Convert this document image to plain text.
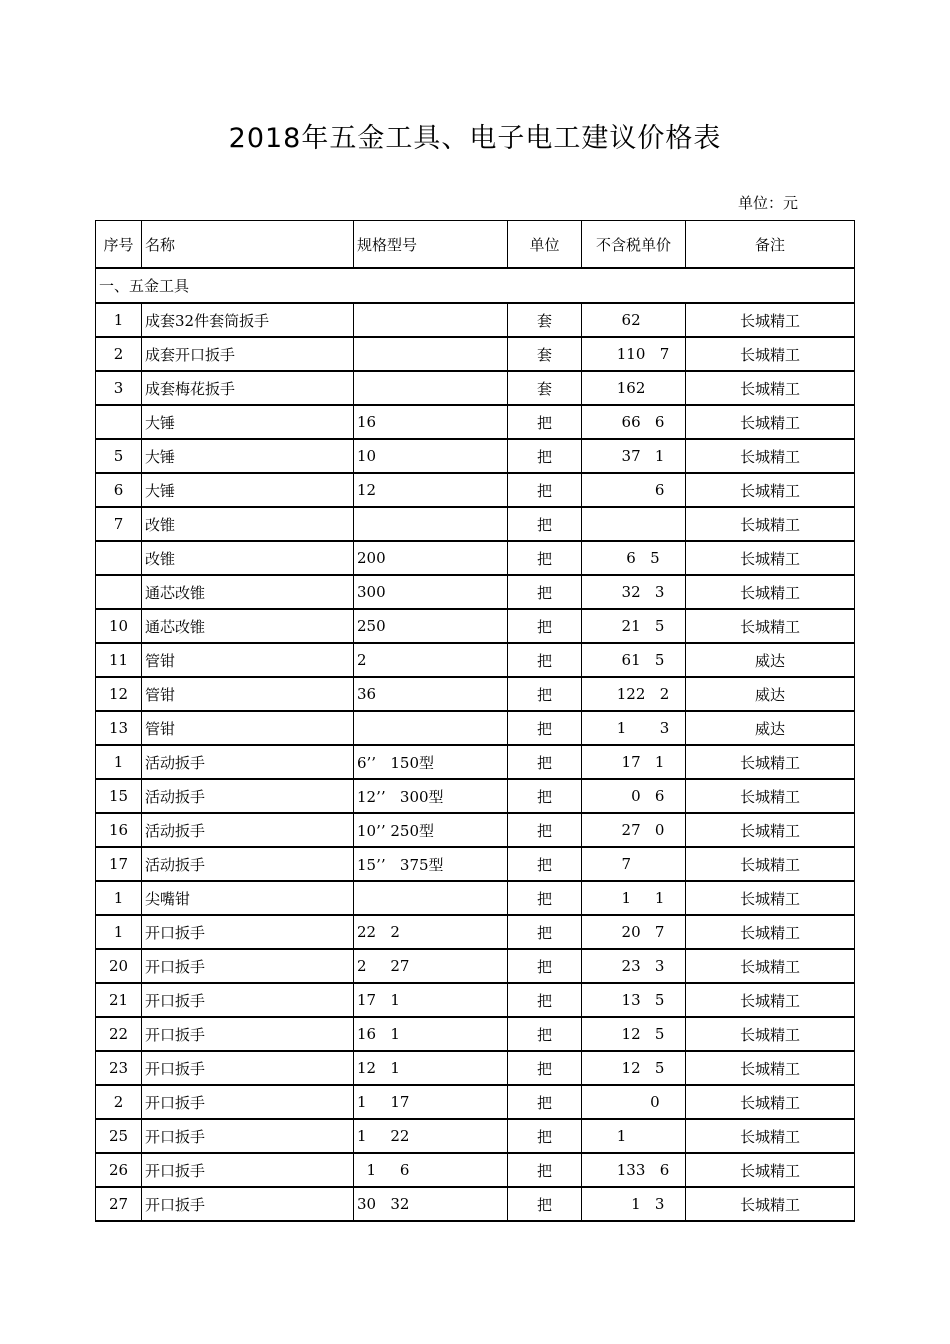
2018年五金工具、电子电工建议价格表
单位：元
序号	名称	规格型号	单位	不含税单价	备注
一、五金工具					
1	成套32件套筒扳手		套	62	长城精工
2	成套开口扳手		套	110   7	长城精工
3	成套梅花扳手		套	162	长城精工
	大锤	16	把	66   6	长城精工
5	大锤	10	把	37   1	长城精工
6	大锤	12	把	6	长城精工
7	改锥		把		长城精工
	改锥	200	把	6   5	长城精工
	通芯改锥	300	把	32   3	长城精工
10	通芯改锥	250	把	21   5	长城精工
11	管钳	2	把	61   5	威达
12	管钳	36	把	122   2	威达
13	管钳		把	1       3	威达
1	活动扳手	6’’   150型	把	17   1	长城精工
15	活动扳手	12’’   300型	把	0   6	长城精工
16	活动扳手	10’’ 250型	把	27   0	长城精工
17	活动扳手	15’’   375型	把	7	长城精工
1	尖嘴钳		把	1     1	长城精工
1	开口扳手	22   2	把	20   7	长城精工
20	开口扳手	2     27	把	23   3	长城精工
21	开口扳手	17   1	把	13   5	长城精工
22	开口扳手	16   1	把	12   5	长城精工
23	开口扳手	12   1	把	12   5	长城精工
2	开口扳手	1     17	把	0	长城精工
25	开口扳手	1     22	把	1	长城精工
26	开口扳手	1     6	把	133   6	长城精工
27	开口扳手	30   32	把	1   3	长城精工
